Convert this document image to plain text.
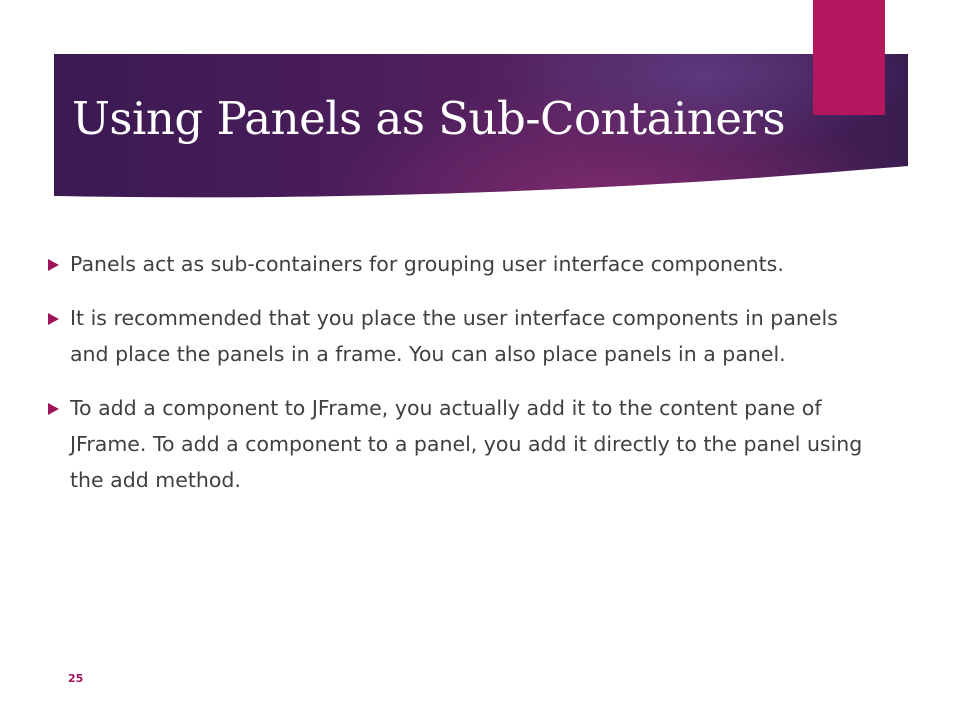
Using Panels as Sub-Containers
Panels act as sub-containers for grouping user interface components.
It is recommended that you place the user interface components in panels and place the panels in a frame. You can also place panels in a panel.
To add a component to JFrame, you actually add it to the content pane of JFrame. To add a component to a panel, you add it directly to the panel using the add method.
25
